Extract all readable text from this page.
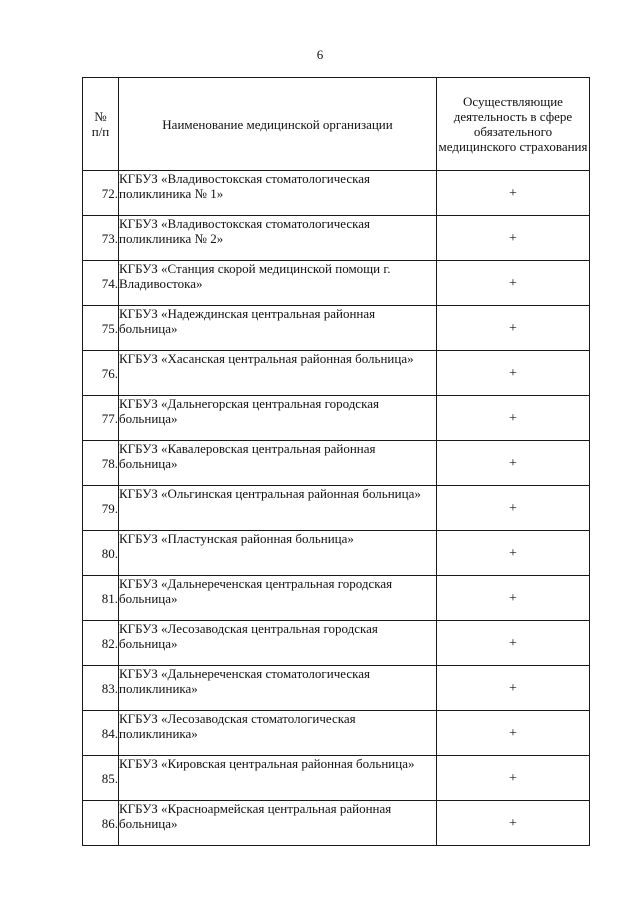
6
№
п/п	Наименование медицинской организации	Осуществляющие деятельность в сфере обязательного медицинского страхования
72.	КГБУЗ «Владивостокская стоматологическая поликлиника № 1»	+
73.	КГБУЗ «Владивостокская стоматологическая поликлиника № 2»	+
74.	КГБУЗ «Станция скорой медицинской помощи г. Владивостока»	+
75.	КГБУЗ «Надеждинская центральная районная больница»	+
76.	КГБУЗ «Хасанская центральная районная больница»	+
77.	КГБУЗ «Дальнегорская центральная городская больница»	+
78.	КГБУЗ «Кавалеровская центральная районная больница»	+
79.	КГБУЗ «Ольгинская центральная районная больница»	+
80.	КГБУЗ «Пластунская районная больница»	+
81.	КГБУЗ «Дальнереченская центральная городская больница»	+
82.	КГБУЗ «Лесозаводская центральная городская больница»	+
83.	КГБУЗ «Дальнереченская стоматологическая поликлиника»	+
84.	КГБУЗ «Лесозаводская стоматологическая поликлиника»	+
85.	КГБУЗ «Кировская центральная районная больница»	+
86.	КГБУЗ «Красноармейская центральная районная больница»	+
